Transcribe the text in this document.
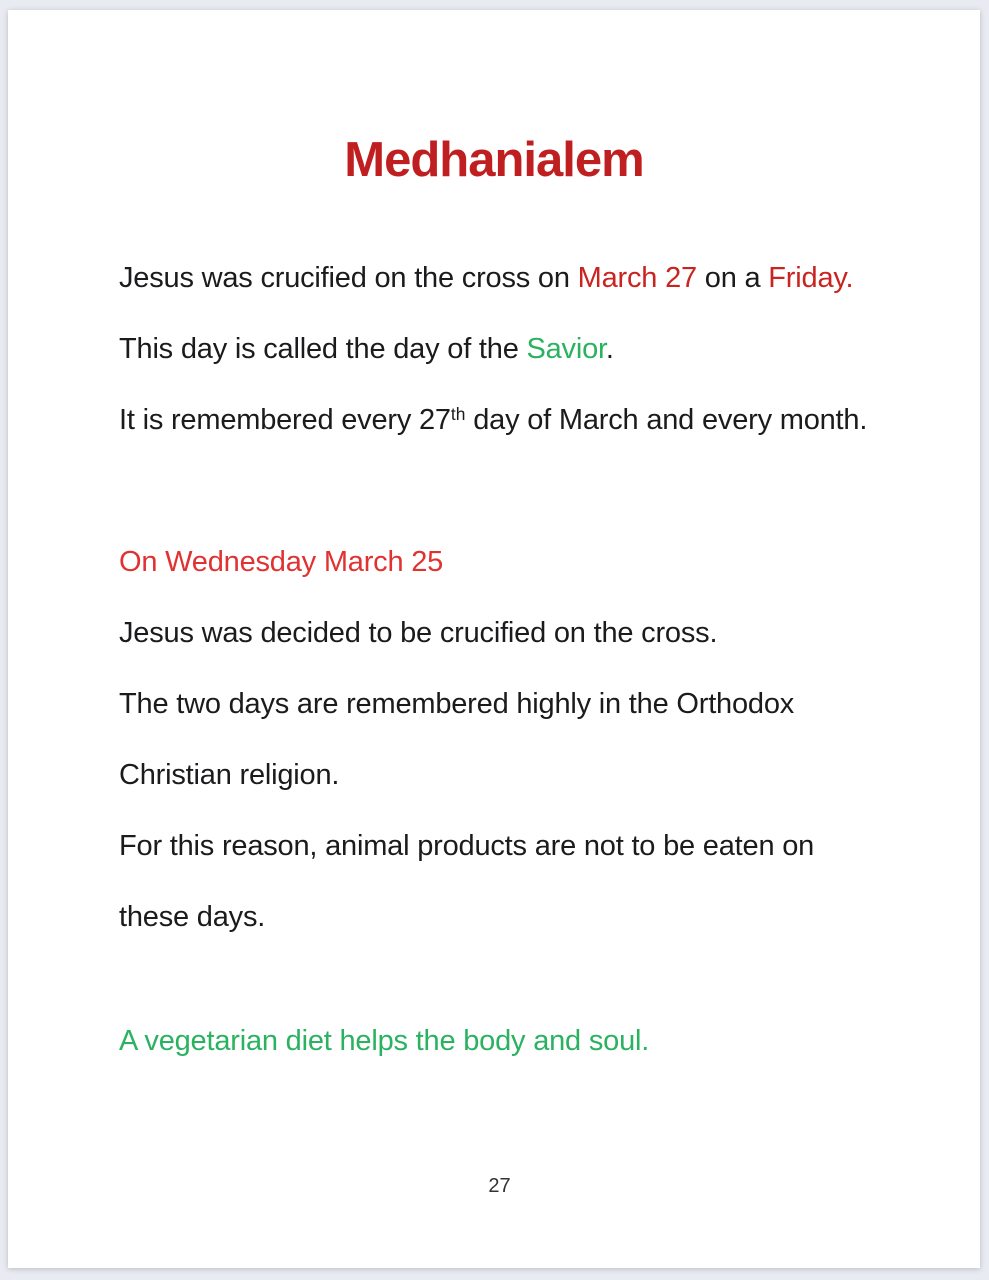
Medhanialem
Jesus was crucified on the cross on March 27 on a Friday.
This day is called the day of the Savior.
It is remembered every 27th day of March and every month.
On Wednesday March 25
Jesus was decided to be crucified on the cross.
The two days are remembered highly in the Orthodox
Christian religion.
For this reason, animal products are not to be eaten on
these days.
A vegetarian diet helps the body and soul.
27
